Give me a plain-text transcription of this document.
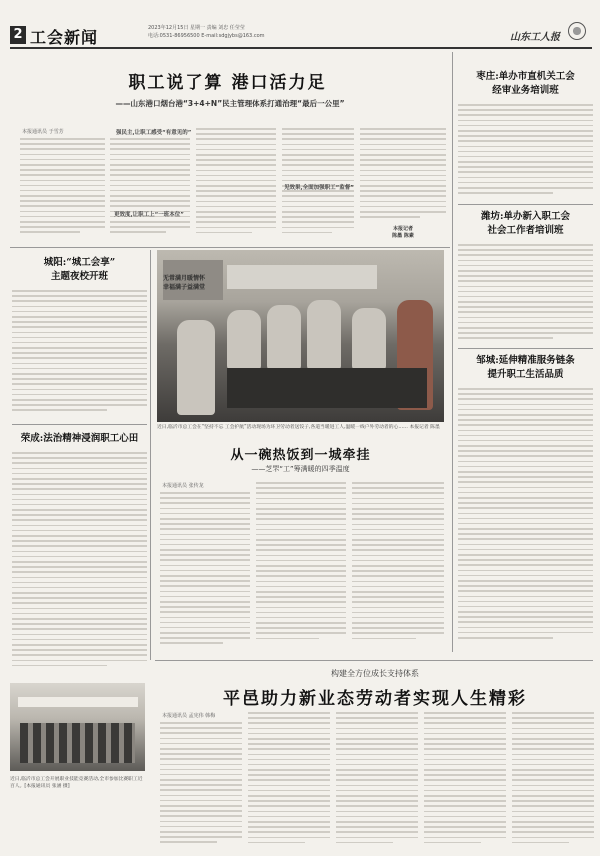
2 工会新闻	2023年12月15日 星期一 责编 刘忠 任莹莹
电话:0531-86956500 E-mail:sdgjybs@163.com	山东工人报
职工说了算 港口活力足
——山东港口烟台港“3+4+N”民主管理体系打通治理“最后一公里”
本报通讯员 于雪芳	强民主,让职工感受“有意见的”
更效度,让职工上“一班本位”
见效果,全面加强职工“监督”
本报记者
陈墨 陈素
城阳:“城工会享”
主题夜校开班
荣成:法治精神浸润职工心田
无常满月暖情怀 幸福满子益满堂
近日,临沂市总工会在“坚持不忘 工会护航”活动现场为环卫劳动者送饺子,各道当暖进工人,温暖一线户外劳动者的心…… 本报记者 陈墨
从一碗热饭到一城牵挂
——芝罘“工”筹满暖的四季温度
本报通讯员 张传龙
枣庄:单办市直机关工会
经审业务培训班
潍坊:单办新入职工会
社会工作者培训班
邹城:延伸精准服务链条
提升职工生活品质
构建全方位成长支持体系
平邑助力新业态劳动者实现人生精彩
本报通讯员 孟宪伟 韩梅
近日,临沂市总工会开展职业技能竞赛活动,全市参加比赛职工近百人。[本报通讯员 张涵 摄]
